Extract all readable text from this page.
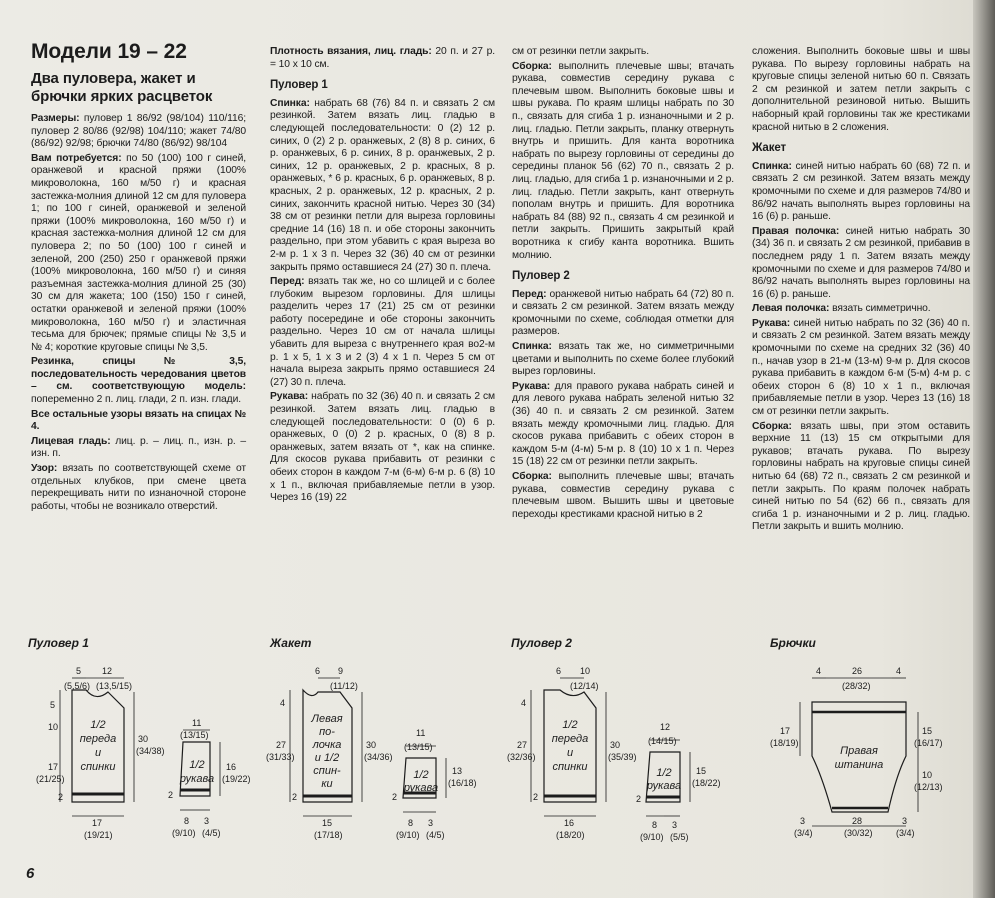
Модели 19 – 22
Два пуловера, жакет и брючки ярких расцветок

Размеры: пуловер 1 86/92 (98/104) 110/116; пуловер 2 80/86 (92/98) 104/110; жакет 74/80 (86/92) 92/98; брючки 74/80 (86/92) 98/104

Вам потребуется: по 50 (100) 100 г синей, оранжевой и красной пряжи (100% микроволокна, 160 м/50 г) и красная застежка-молния длиной 12 см для пуловера 1; по 100 г синей, оранжевой и зеленой пряжи (100% микроволокна, 160 м/50 г) и красная застежка-молния длиной 12 см для пуловера 2; по 50 (100) 100 г синей и зеленой, 200 (250) 250 г оранжевой пряжи (100% микроволокна, 160 м/50 г) и синяя разъемная застежка-молния длиной 25 (30) 30 см для жакета; 100 (150) 150 г синей, остатки оранжевой и зеленой пряжи (100% микроволокна, 160 м/50 г) и эластичная тесьма для брючек; прямые спицы № 3,5 и № 4; короткие круговые спицы № 3,5.

Резинка, спицы № 3,5, последовательность чередования цветов – см. соответствующую модель: попеременно 2 п. лиц. глади, 2 п. изн. глади.

Все остальные узоры вязать на спицах № 4.

Лицевая гладь: лиц. р. – лиц. п., изн. р. – изн. п.

Узор: вязать по соответствующей схеме от отдельных клубков, при смене цвета перекрещивать нити по изнаночной стороне работы, чтобы не возникало отверстий.

Плотность вязания, лиц. гладь: 20 п. и 27 р. = 10 x 10 см.

Пуловер 1

Спинка: набрать 68 (76) 84 п. и связать 2 см резинкой. Затем вязать лиц. гладью в следующей последовательности: 0 (2) 12 р. синих, 0 (2) 2 р. оранжевых, 2 (8) 8 р. синих, 6 р. оранжевых, 6 р. синих, 8 р. оранжевых, 2 р. синих, 12 р. оранжевых, 2 р. красных, 8 р. оранжевых, * 6 р. красных, 6 р. оранжевых, 8 р. красных, 2 р. оранжевых, 12 р. красных, 2 р. синих, закончить красной нитью. Через 30 (34) 38 см от резинки петли для выреза горловины средние 14 (16) 18 п. и обе стороны закончить раздельно, при этом убавить с края выреза во 2-м р. 1 x 3 п. Через 32 (36) 40 см от резинки закрыть прямо оставшиеся 24 (27) 30 п. плеча.

Перед: вязать так же, но со шлицей и с более глубоким вырезом горловины. Для шлицы разделить через 17 (21) 25 см от резинки работу посередине и обе стороны закончить раздельно. Через 10 см от начала шлицы убавить для выреза с внутреннего края во2-м р. 1 x 5, 1 x 3 и 2 (3) 4 x 1 п. Через 5 см от начала выреза закрыть прямо оставшиеся 24 (27) 30 п. плеча.

Рукава: набрать по 32 (36) 40 п. и связать 2 см резинкой. Затем вязать лиц. гладью в следующей последовательности: 0 (0) 6 р. оранжевых, 0 (0) 2 р. красных, 0 (8) 8 р. оранжевых, затем вязать от *, как на спинке. Для скосов рукава прибавить от резинки с обеих сторон в каждом 7-м (6-м) 6-м р. 6 (8) 10 x 1 п., включая прибавляемые петли в узор. Через 16 (19) 22

см от резинки петли закрыть.

Сборка: выполнить плечевые швы; втачать рукава, совместив середину рукава с плечевым швом. Выполнить боковые швы и швы рукава. По краям шлицы набрать по 30 п., связать для сгиба 1 р. изнаночными и 2 р. лиц. гладью. Петли закрыть, планку отвернуть внутрь и пришить. Для канта воротника набрать по вырезу горловины от середины до середины планок 56 (62) 70 п., связать 2 р. лиц. гладью, для сгиба 1 р. изнаночными и 2 р. лиц. гладью. Петли закрыть, кант отвернуть пополам внутрь и пришить. Для воротника набрать 84 (88) 92 п., связать 4 см резинкой и петли закрыть. Пришить закрытый край воротника к сгибу канта воротника. Вшить молнию.

Пуловер 2

Перед: оранжевой нитью набрать 64 (72) 80 п. и связать 2 см резинкой. Затем вязать между кромочными по схеме, соблюдая отметки для размеров.

Спинка: вязать так же, но симметричными цветами и выполнить по схеме более глубокий вырез горловины.

Рукава: для правого рукава набрать синей и для левого рукава набрать зеленой нитью 32 (36) 40 п. и связать 2 см резинкой. Затем вязать между кромочными лиц. гладью. Для скосов рукава прибавить с обеих сторон в каждом 5-м (4-м) 5-м р. 8 (10) 10 x 1 п. Через 15 (18) 22 см от резинки петли закрыть.

Сборка: выполнить плечевые швы; втачать рукава, совместив середину рукава с плечевым швом. Вышить швы и цветовые переходы крестиками красной нитью в 2

сложения. Выполнить боковые швы и швы рукава. По вырезу горловины набрать на круговые спицы зеленой нитью 60 п. Связать 2 см резинкой и затем петли закрыть с дополнительной резиновой нитью. Вышить наборный край горловины так же крестиками красной нитью в 2 сложения.

Жакет

Спинка: синей нитью набрать 60 (68) 72 п. и связать 2 см резинкой. Затем вязать между кромочными по схеме и для размеров 74/80 и 86/92 начать выполнять вырез горловины на 16 (6) р. раньше.

Правая полочка: синей нитью набрать 30 (34) 36 п. и связать 2 см резинкой, прибавив в последнем ряду 1 п. Затем вязать между кромочными по схеме и для размеров 74/80 и 86/92 начать выполнять вырез горловины на 16 (6) р. раньше.

Левая полочка: вязать симметрично.

Рукава: синей нитью набрать по 32 (36) 40 п. и связать 2 см резинкой. Затем вязать между кромочными по схеме на средних 32 (36) 40 п., начав узор в 21-м (13-м) 9-м р. Для скосов рукава прибавить в каждом 6-м (5-м) 4-м р. с обеих сторон 6 (8) 10 x 1 п., включая прибавляемые петли в узор. Через 13 (16) 18 см от резинки петли закрыть.

Сборка: вязать швы, при этом оставить верхние 11 (13) 15 см открытыми для рукавов; втачать рукава. По вырезу горловины набрать на круговые спицы синей нитью 64 (68) 72 п., связать 2 см резинкой и петли закрыть. По краям полочек набрать синей нитью по 54 (62) 66 п., связать для сгиба 1 р. изнаночными и 2 р. лиц. гладью. Петли закрыть и вшить молнию.

Пуловер 1	Жакет	Пуловер 2	Брючки
1/2
переда
и
спинки
5 12
(5,5/6) (13,5/15)
5
10
30
(34/38)
17
(21/25)
2
17
(19/21)
1/2
рукава
11
(13/15)
16
(19/22)
2
8 3
(9/10) (4/5)
Левая
по-
лочка
и 1/2
спин-
ки
6 9
(11/12)
4
27
(31/33)
30
(34/36)
2
15
(17/18)
1/2
рукава
11
(13/15)
13
(16/18)
2
8 3
(9/10) (4/5)
1/2
переда
и
спинки
6 10
(12/14)
4
27
(32/36)
30
(35/39)
2
16
(18/20)
1/2
рукава
12
(14/15)
15
(18/22)
2
8 3
(9/10) (5/5)
Правая
штанина
4	26
(28/32)
4
17
(18/19)
15
(16/17)
10
(12/13)
3
(3/4)
28
(30/32)
3
(3/4)
6
